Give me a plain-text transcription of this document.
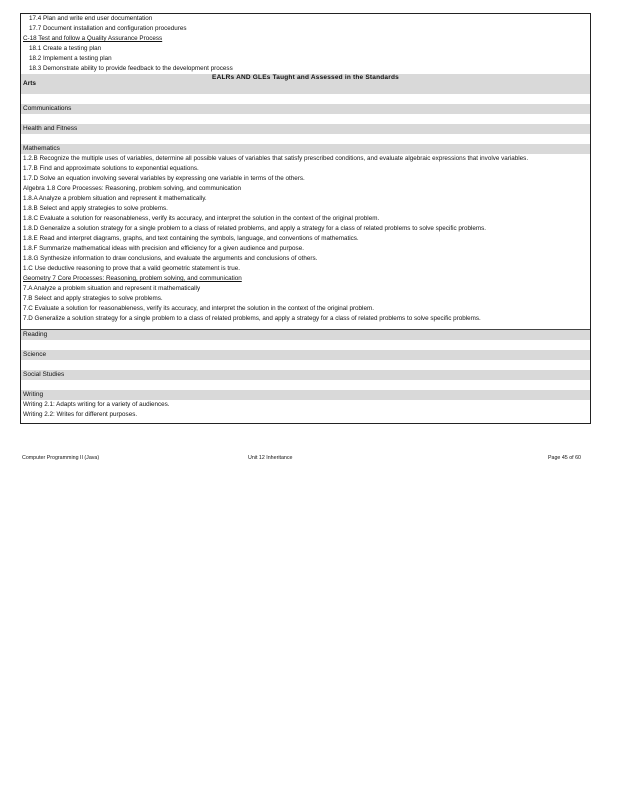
17.4 Plan and write end user documentation
17.7 Document installation and configuration procedures
C-18 Test and follow a Quality Assurance Process
18.1 Create a testing plan
18.2 Implement a testing plan
18.3 Demonstrate ability to provide feedback to the development process
EALRs AND GLEs Taught and Assessed in the Standards
Arts
Communications
Health and Fitness
Mathematics
1.2.B Recognize the multiple uses of variables, determine all possible values of variables that satisfy prescribed conditions, and evaluate algebraic expressions that involve variables.
1.7.B Find and approximate solutions to exponential equations.
1.7.D Solve an equation involving several variables by expressing one variable in terms of the others.
Algebra 1.8 Core Processes: Reasoning, problem solving, and communication
1.8.A Analyze a problem situation and represent it mathematically.
1.8.B Select and apply strategies to solve problems.
1.8.C Evaluate a solution for reasonableness, verify its accuracy, and interpret the solution in the context of the original problem.
1.8.D Generalize a solution strategy for a single problem to a class of related problems, and apply a strategy for a class of related problems to solve specific problems.
1.8.E Read and interpret diagrams, graphs, and text containing the symbols, language, and conventions of mathematics.
1.8.F Summarize mathematical ideas with precision and efficiency for a given audience and purpose.
1.8.G Synthesize information to draw conclusions, and evaluate the arguments and conclusions of others.
1.C Use deductive reasoning to prove that a valid geometric statement is true.
Geometry 7 Core Processes: Reasoning, problem solving, and communication
7.A Analyze a problem situation and represent it mathematically
7.B Select and apply strategies to solve problems.
7.C Evaluate a solution for reasonableness, verify its accuracy, and interpret the solution in the context of the original problem.
7.D Generalize a solution strategy for a single problem to a class of related problems, and apply a strategy for a class of related problems to solve specific problems.
Reading
Science
Social Studies
Writing
Writing 2.1: Adapts writing for a variety of audiences.
Writing 2.2: Writes for different purposes.
Computer Programming II (Java)	Unit 12 Inheritance	Page 45 of 60
